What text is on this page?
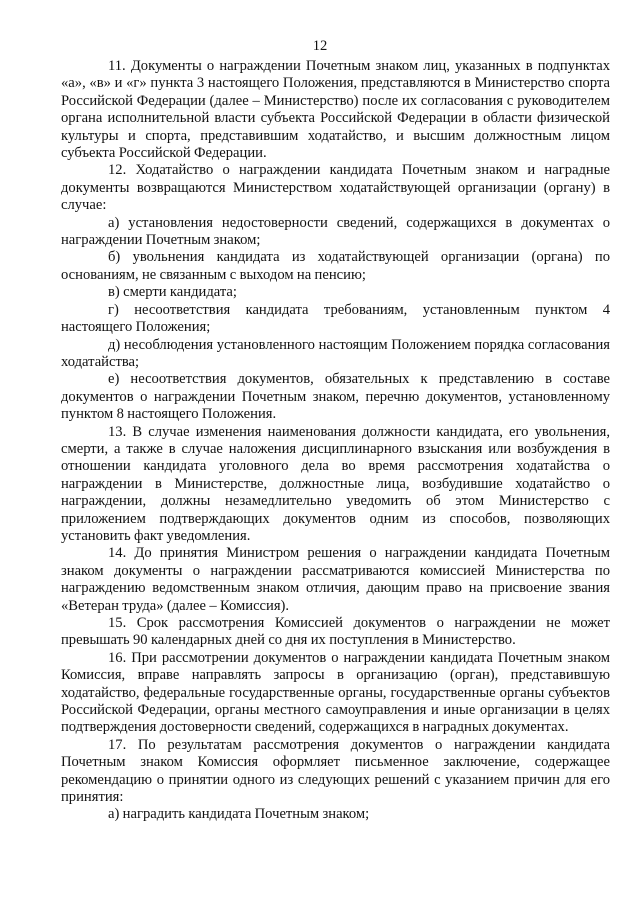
12

11. Документы о награждении Почетным знаком лиц, указанных в подпунктах «а», «в» и «г» пункта 3 настоящего Положения, представляются в Министерство спорта Российской Федерации (далее – Министерство) после их согласования с руководителем органа исполнительной власти субъекта Российской Федерации в области физической культуры и спорта, представившим ходатайство, и высшим должностным лицом субъекта Российской Федерации.

12. Ходатайство о награждении кандидата Почетным знаком и наградные документы возвращаются Министерством ходатайствующей организации (органу) в случае:

а) установления недостоверности сведений, содержащихся в документах о награждении Почетным знаком;

б) увольнения кандидата из ходатайствующей организации (органа) по основаниям, не связанным с выходом на пенсию;

в) смерти кандидата;

г) несоответствия кандидата требованиям, установленным пунктом 4 настоящего Положения;

д) несоблюдения установленного настоящим Положением порядка согласования ходатайства;

е) несоответствия документов, обязательных к представлению в составе документов о награждении Почетным знаком, перечню документов, установленному пунктом 8 настоящего Положения.

13. В случае изменения наименования должности кандидата, его увольнения, смерти, а также в случае наложения дисциплинарного взыскания или возбуждения в отношении кандидата уголовного дела во время рассмотрения ходатайства о награждении в Министерстве, должностные лица, возбудившие ходатайство о награждении, должны незамедлительно уведомить об этом Министерство с приложением подтверждающих документов одним из способов, позволяющих установить факт уведомления.

14. До принятия Министром решения о награждении кандидата Почетным знаком документы о награждении рассматриваются комиссией Министерства по награждению ведомственным знаком отличия, дающим право на присвоение звания «Ветеран труда» (далее – Комиссия).

15. Срок рассмотрения Комиссией документов о награждении не может превышать 90 календарных дней со дня их поступления в Министерство.

16. При рассмотрении документов о награждении кандидата Почетным знаком Комиссия, вправе направлять запросы в организацию (орган), представившую ходатайство, федеральные государственные органы, государственные органы субъектов Российской Федерации, органы местного самоуправления и иные организации в целях подтверждения достоверности сведений, содержащихся в наградных документах.

17. По результатам рассмотрения документов о награждении кандидата Почетным знаком Комиссия оформляет письменное заключение, содержащее рекомендацию о принятии одного из следующих решений с указанием причин для его принятия:

а) наградить кандидата Почетным знаком;
